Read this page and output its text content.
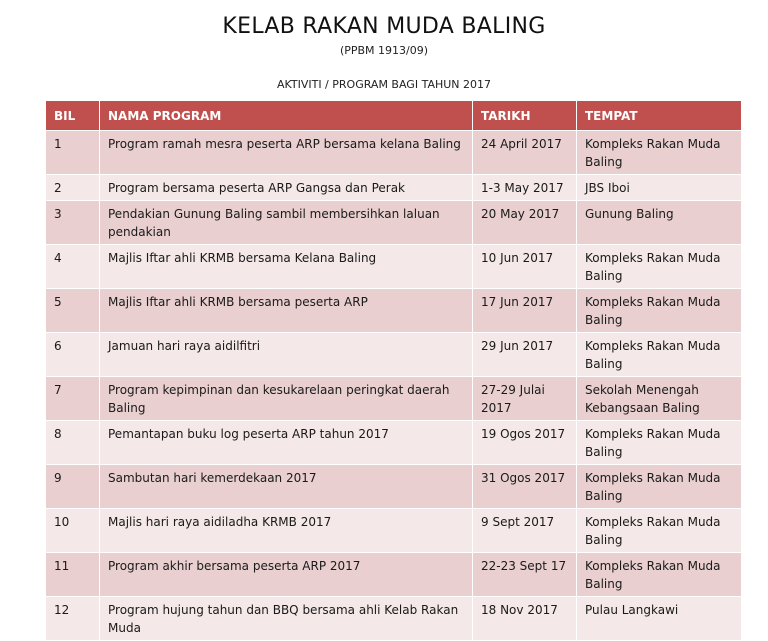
KELAB RAKAN MUDA BALING
(PPBM 1913/09)
AKTIVITI / PROGRAM BAGI TAHUN 2017
BIL	NAMA PROGRAM	TARIKH	TEMPAT
1	Program ramah mesra peserta ARP bersama kelana Baling	24 April 2017	Kompleks Rakan Muda Baling
2	Program bersama peserta ARP Gangsa dan Perak	1-3 May 2017	JBS Iboi
3	Pendakian Gunung Baling sambil membersihkan laluan pendakian	20 May 2017	Gunung Baling
4	Majlis Iftar ahli KRMB bersama Kelana Baling	10 Jun 2017	Kompleks Rakan Muda Baling
5	Majlis Iftar ahli KRMB bersama peserta ARP	17 Jun 2017	Kompleks Rakan Muda Baling
6	Jamuan hari raya aidilfitri	29 Jun 2017	Kompleks Rakan Muda Baling
7	Program kepimpinan dan kesukarelaan peringkat daerah Baling	27-29 Julai 2017	Sekolah Menengah Kebangsaan Baling
8	Pemantapan buku log peserta ARP tahun 2017	19 Ogos 2017	Kompleks Rakan Muda Baling
9	Sambutan hari kemerdekaan 2017	31 Ogos 2017	Kompleks Rakan Muda Baling
10	Majlis hari raya aidiladha KRMB 2017	9 Sept 2017	Kompleks Rakan Muda Baling
11	Program akhir bersama peserta ARP 2017	22-23 Sept 17	Kompleks Rakan Muda Baling
12	Program hujung tahun dan BBQ bersama ahli Kelab Rakan Muda	18 Nov 2017	Pulau Langkawi
